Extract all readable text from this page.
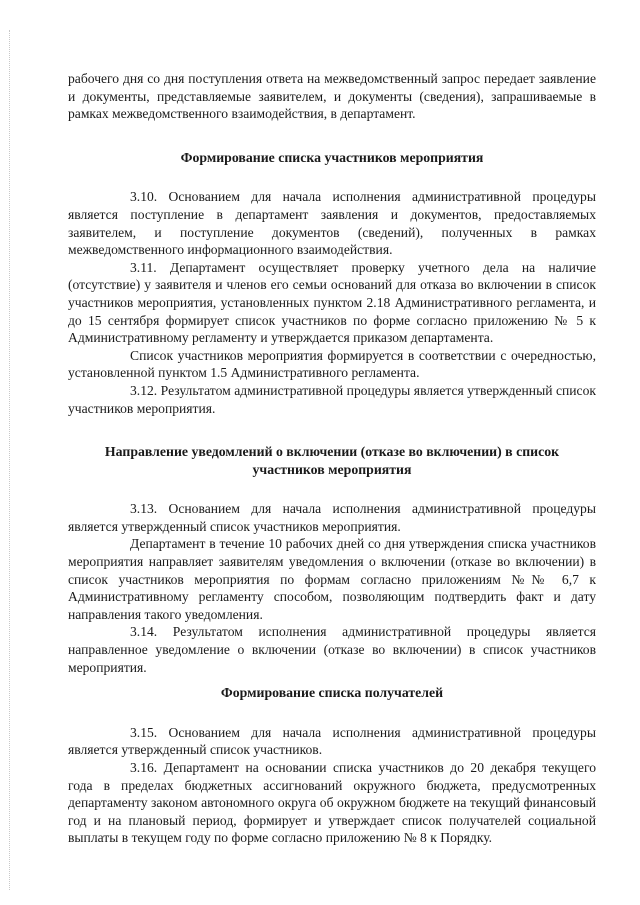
рабочего дня со дня поступления ответа на межведомственный запрос передает заявление и документы, представляемые заявителем, и документы (сведения), запрашиваемые в рамках межведомственного взаимодействия, в департамент.

Формирование списка участников мероприятия

3.10. Основанием для начала исполнения административной процедуры является поступление в департамент заявления и документов, предоставляемых заявителем, и поступление документов (сведений), полученных в рамках межведомственного информационного взаимодействия.

3.11. Департамент осуществляет проверку учетного дела на наличие (отсутствие) у заявителя и членов его семьи оснований для отказа во включении в список участников мероприятия, установленных пунктом 2.18 Административного регламента, и до 15 сентября формирует список участников по форме согласно приложению № 5 к Административному регламенту и утверждается приказом департамента.

Список участников мероприятия формируется в соответствии с очередностью, установленной пунктом 1.5 Административного регламента.

3.12. Результатом административной процедуры является утвержденный список участников мероприятия.

Направление уведомлений о включении (отказе во включении) в список участников мероприятия

3.13. Основанием для начала исполнения административной процедуры является утвержденный список участников мероприятия.

Департамент в течение 10 рабочих дней со дня утверждения списка участников мероприятия направляет заявителям уведомления о включении (отказе во включении) в список участников мероприятия по формам согласно приложениям №№ 6,7 к Административному регламенту способом, позволяющим подтвердить факт и дату направления такого уведомления.

3.14. Результатом исполнения административной процедуры является направленное уведомление о включении (отказе во включении) в список участников мероприятия.

Формирование списка получателей

3.15. Основанием для начала исполнения административной процедуры является утвержденный список участников.

3.16. Департамент на основании списка участников до 20 декабря текущего года в пределах бюджетных ассигнований окружного бюджета, предусмотренных департаменту законом автономного округа об окружном бюджете на текущий финансовый год и на плановый период, формирует и утверждает список получателей социальной выплаты в текущем году по форме согласно приложению № 8 к Порядку.
